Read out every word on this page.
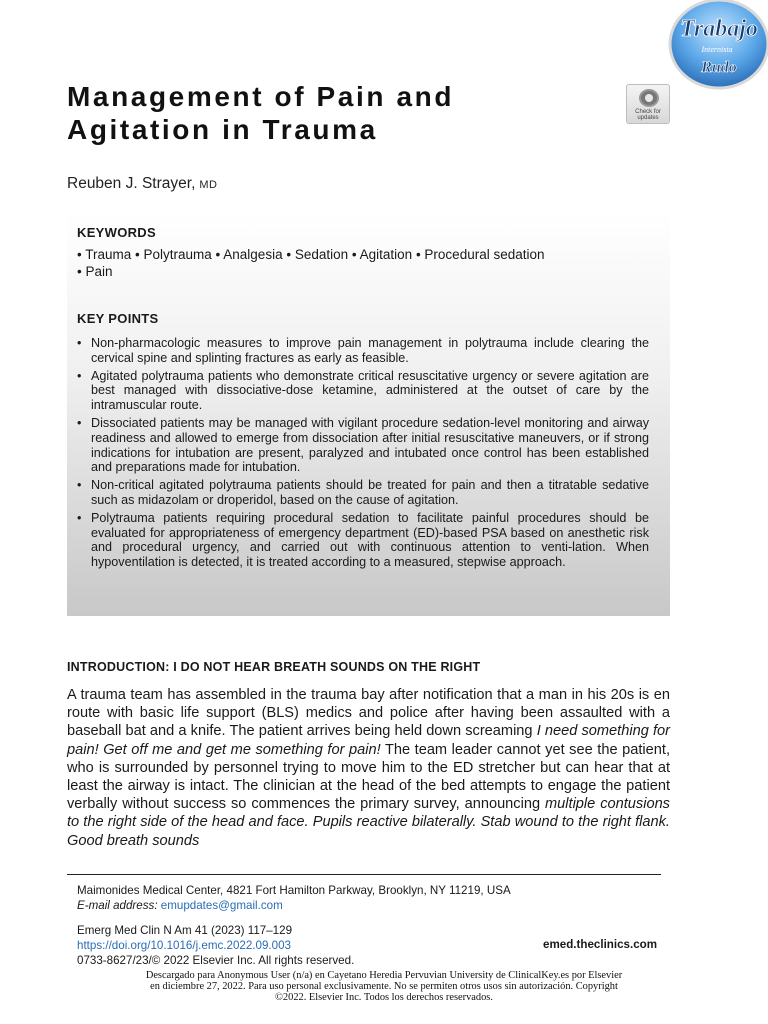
Trabajo
Internista
Rudo
Check for
updates
Management of Pain and Agitation in Trauma
Reuben J. Strayer, MD
KEYWORDS
• Trauma • Polytrauma • Analgesia • Sedation • Agitation • Procedural sedation
• Pain
KEY POINTS
• Non-pharmacologic measures to improve pain management in polytrauma include clearing the cervical spine and splinting fractures as early as feasible.
• Agitated polytrauma patients who demonstrate critical resuscitative urgency or severe agitation are best managed with dissociative-dose ketamine, administered at the outset of care by the intramuscular route.
• Dissociated patients may be managed with vigilant procedure sedation-level monitoring and airway readiness and allowed to emerge from dissociation after initial resuscitative maneuvers, or if strong indications for intubation are present, paralyzed and intubated once control has been established and preparations made for intubation.
• Non-critical agitated polytrauma patients should be treated for pain and then a titratable sedative such as midazolam or droperidol, based on the cause of agitation.
• Polytrauma patients requiring procedural sedation to facilitate painful procedures should be evaluated for appropriateness of emergency department (ED)-based PSA based on anesthetic risk and procedural urgency, and carried out with continuous attention to venti-lation. When hypoventilation is detected, it is treated according to a measured, stepwise approach.
INTRODUCTION: I DO NOT HEAR BREATH SOUNDS ON THE RIGHT

A trauma team has assembled in the trauma bay after notification that a man in his 20s is en route with basic life support (BLS) medics and police after having been assaulted with a baseball bat and a knife. The patient arrives being held down screaming I need something for pain! Get off me and get me something for pain! The team leader cannot yet see the patient, who is surrounded by personnel trying to move him to the ED stretcher but can hear that at least the airway is intact. The clinician at the head of the bed attempts to engage the patient verbally without success so commences the primary survey, announcing multiple contusions to the right side of the head and face. Pupils reactive bilaterally. Stab wound to the right flank. Good breath sounds

Maimonides Medical Center, 4821 Fort Hamilton Parkway, Brooklyn, NY 11219, USA
E-mail address: emupdates@gmail.com
Emerg Med Clin N Am 41 (2023) 117–129
https://doi.org/10.1016/j.emc.2022.09.003
0733-8627/23/© 2022 Elsevier Inc. All rights reserved.
emed.theclinics.com
Descargado para Anonymous User (n/a) en Cayetano Heredia Pervuvian University de ClinicalKey.es por Elsevier en diciembre 27, 2022. Para uso personal exclusivamente. No se permiten otros usos sin autorización. Copyright ©2022. Elsevier Inc. Todos los derechos reservados.
